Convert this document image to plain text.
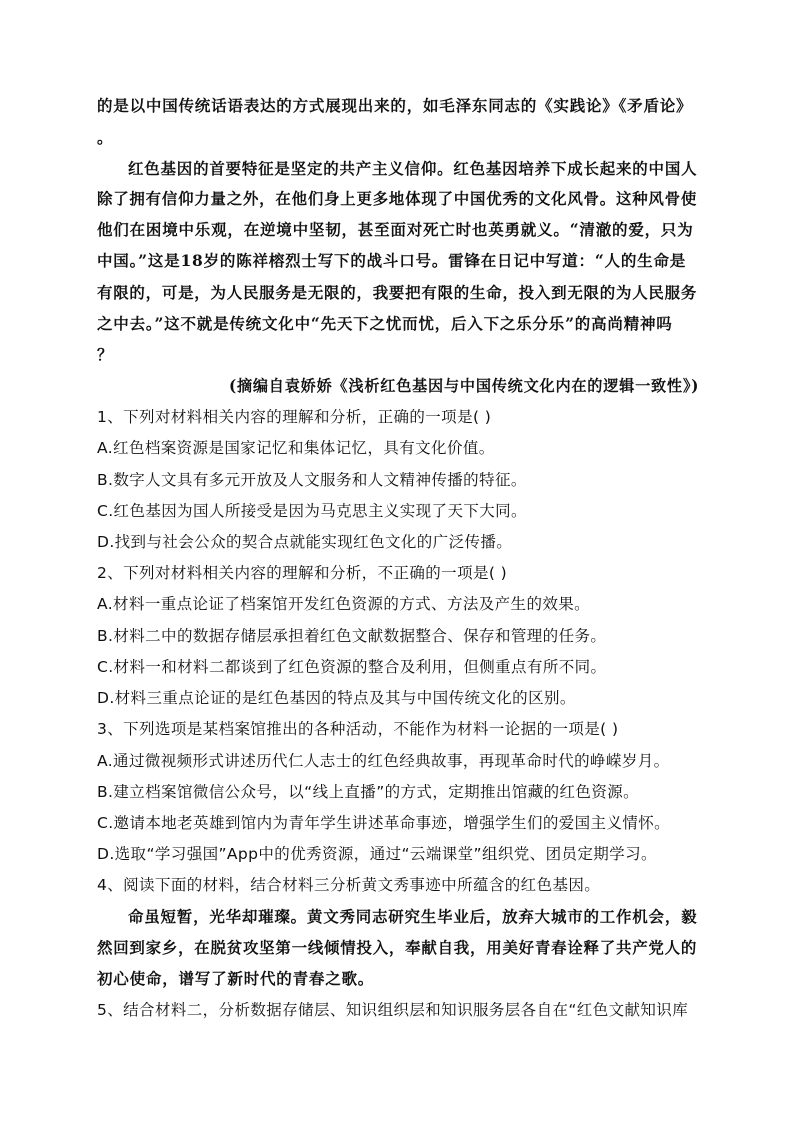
的是以中国传统话语表达的方式展现出来的，如毛泽东同志的《实践论》《矛盾论》
。
红色基因的首要特征是坚定的共产主义信仰。红色基因培养下成长起来的中国人
除了拥有信仰力量之外，在他们身上更多地体现了中国优秀的文化风骨。这种风骨使
他们在困境中乐观，在逆境中坚韧，甚至面对死亡时也英勇就义。“清澈的爱，只为
中国。”这是18岁的陈祥榕烈士写下的战斗口号。雷锋在日记中写道：“人的生命是
有限的，可是，为人民服务是无限的，我要把有限的生命，投入到无限的为人民服务
之中去。”这不就是传统文化中“先天下之忧而忧，后入下之乐分乐”的高尚精神吗
？
(摘编自袁娇娇《浅析红色基因与中国传统文化内在的逻辑一致性》)
1、下列对材料相关内容的理解和分析，正确的一项是( )
A.红色档案资源是国家记忆和集体记忆，具有文化价值。
B.数字人文具有多元开放及人文服务和人文精神传播的特征。
C.红色基因为国人所接受是因为马克思主义实现了天下大同。
D.找到与社会公众的契合点就能实现红色文化的广泛传播。
2、下列对材料相关内容的理解和分析，不正确的一项是( )
A.材料一重点论证了档案馆开发红色资源的方式、方法及产生的效果。
B.材料二中的数据存储层承担着红色文献数据整合、保存和管理的任务。
C.材料一和材料二都谈到了红色资源的整合及利用，但侧重点有所不同。
D.材料三重点论证的是红色基因的特点及其与中国传统文化的区别。
3、下列选项是某档案馆推出的各种活动，不能作为材料一论据的一项是( )
A.通过微视频形式讲述历代仁人志士的红色经典故事，再现革命时代的峥嵘岁月。
B.建立档案馆微信公众号，以“线上直播”的方式，定期推出馆藏的红色资源。
C.邀请本地老英雄到馆内为青年学生讲述革命事迹，增强学生们的爱国主义情怀。
D.选取“学习强国”App中的优秀资源，通过“云端课堂”组织党、团员定期学习。
4、阅读下面的材料，结合材料三分析黄文秀事迹中所蕴含的红色基因。
命虽短暂，光华却璀璨。黄文秀同志研究生毕业后，放弃大城市的工作机会，毅
然回到家乡，在脱贫攻坚第一线倾情投入，奉献自我，用美好青春诠释了共产党人的
初心使命，谱写了新时代的青春之歌。
5、结合材料二，分析数据存储层、知识组织层和知识服务层各自在“红色文献知识库
